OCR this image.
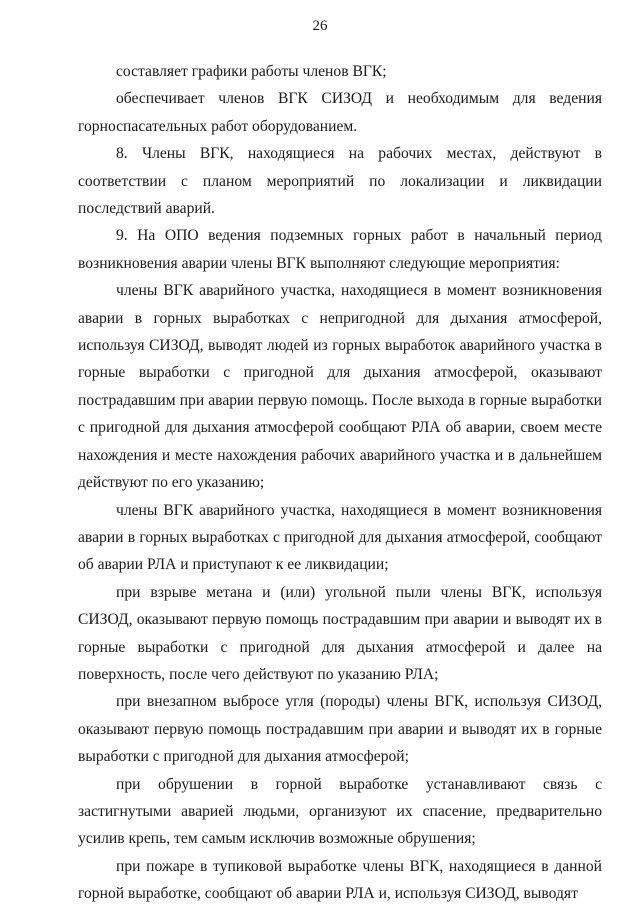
26

составляет графики работы членов ВГК;

обеспечивает членов ВГК СИЗОД и необходимым для ведения горноспасательных работ оборудованием.

8. Члены ВГК, находящиеся на рабочих местах, действуют в соответствии с планом мероприятий по локализации и ликвидации последствий аварий.

9. На ОПО ведения подземных горных работ в начальный период возникновения аварии члены ВГК выполняют следующие мероприятия:

члены ВГК аварийного участка, находящиеся в момент возникновения аварии в горных выработках с непригодной для дыхания атмосферой, используя СИЗОД, выводят людей из горных выработок аварийного участка в горные выработки с пригодной для дыхания атмосферой, оказывают пострадавшим при аварии первую помощь. После выхода в горные выработки с пригодной для дыхания атмосферой сообщают РЛА об аварии, своем месте нахождения и месте нахождения рабочих аварийного участка и в дальнейшем действуют по его указанию;

члены ВГК аварийного участка, находящиеся в момент возникновения аварии в горных выработках с пригодной для дыхания атмосферой, сообщают об аварии РЛА и приступают к ее ликвидации;

при взрыве метана и (или) угольной пыли члены ВГК, используя СИЗОД, оказывают первую помощь пострадавшим при аварии и выводят их в горные выработки с пригодной для дыхания атмосферой и далее на поверхность, после чего действуют по указанию РЛА;

при внезапном выбросе угля (породы) члены ВГК, используя СИЗОД, оказывают первую помощь пострадавшим при аварии и выводят их в горные выработки с пригодной для дыхания атмосферой;

при обрушении в горной выработке устанавливают связь с застигнутыми аварией людьми, организуют их спасение, предварительно усилив крепь, тем самым исключив возможные обрушения;

при пожаре в тупиковой выработке члены ВГК, находящиеся в данной горной выработке, сообщают об аварии РЛА и, используя СИЗОД, выводят
